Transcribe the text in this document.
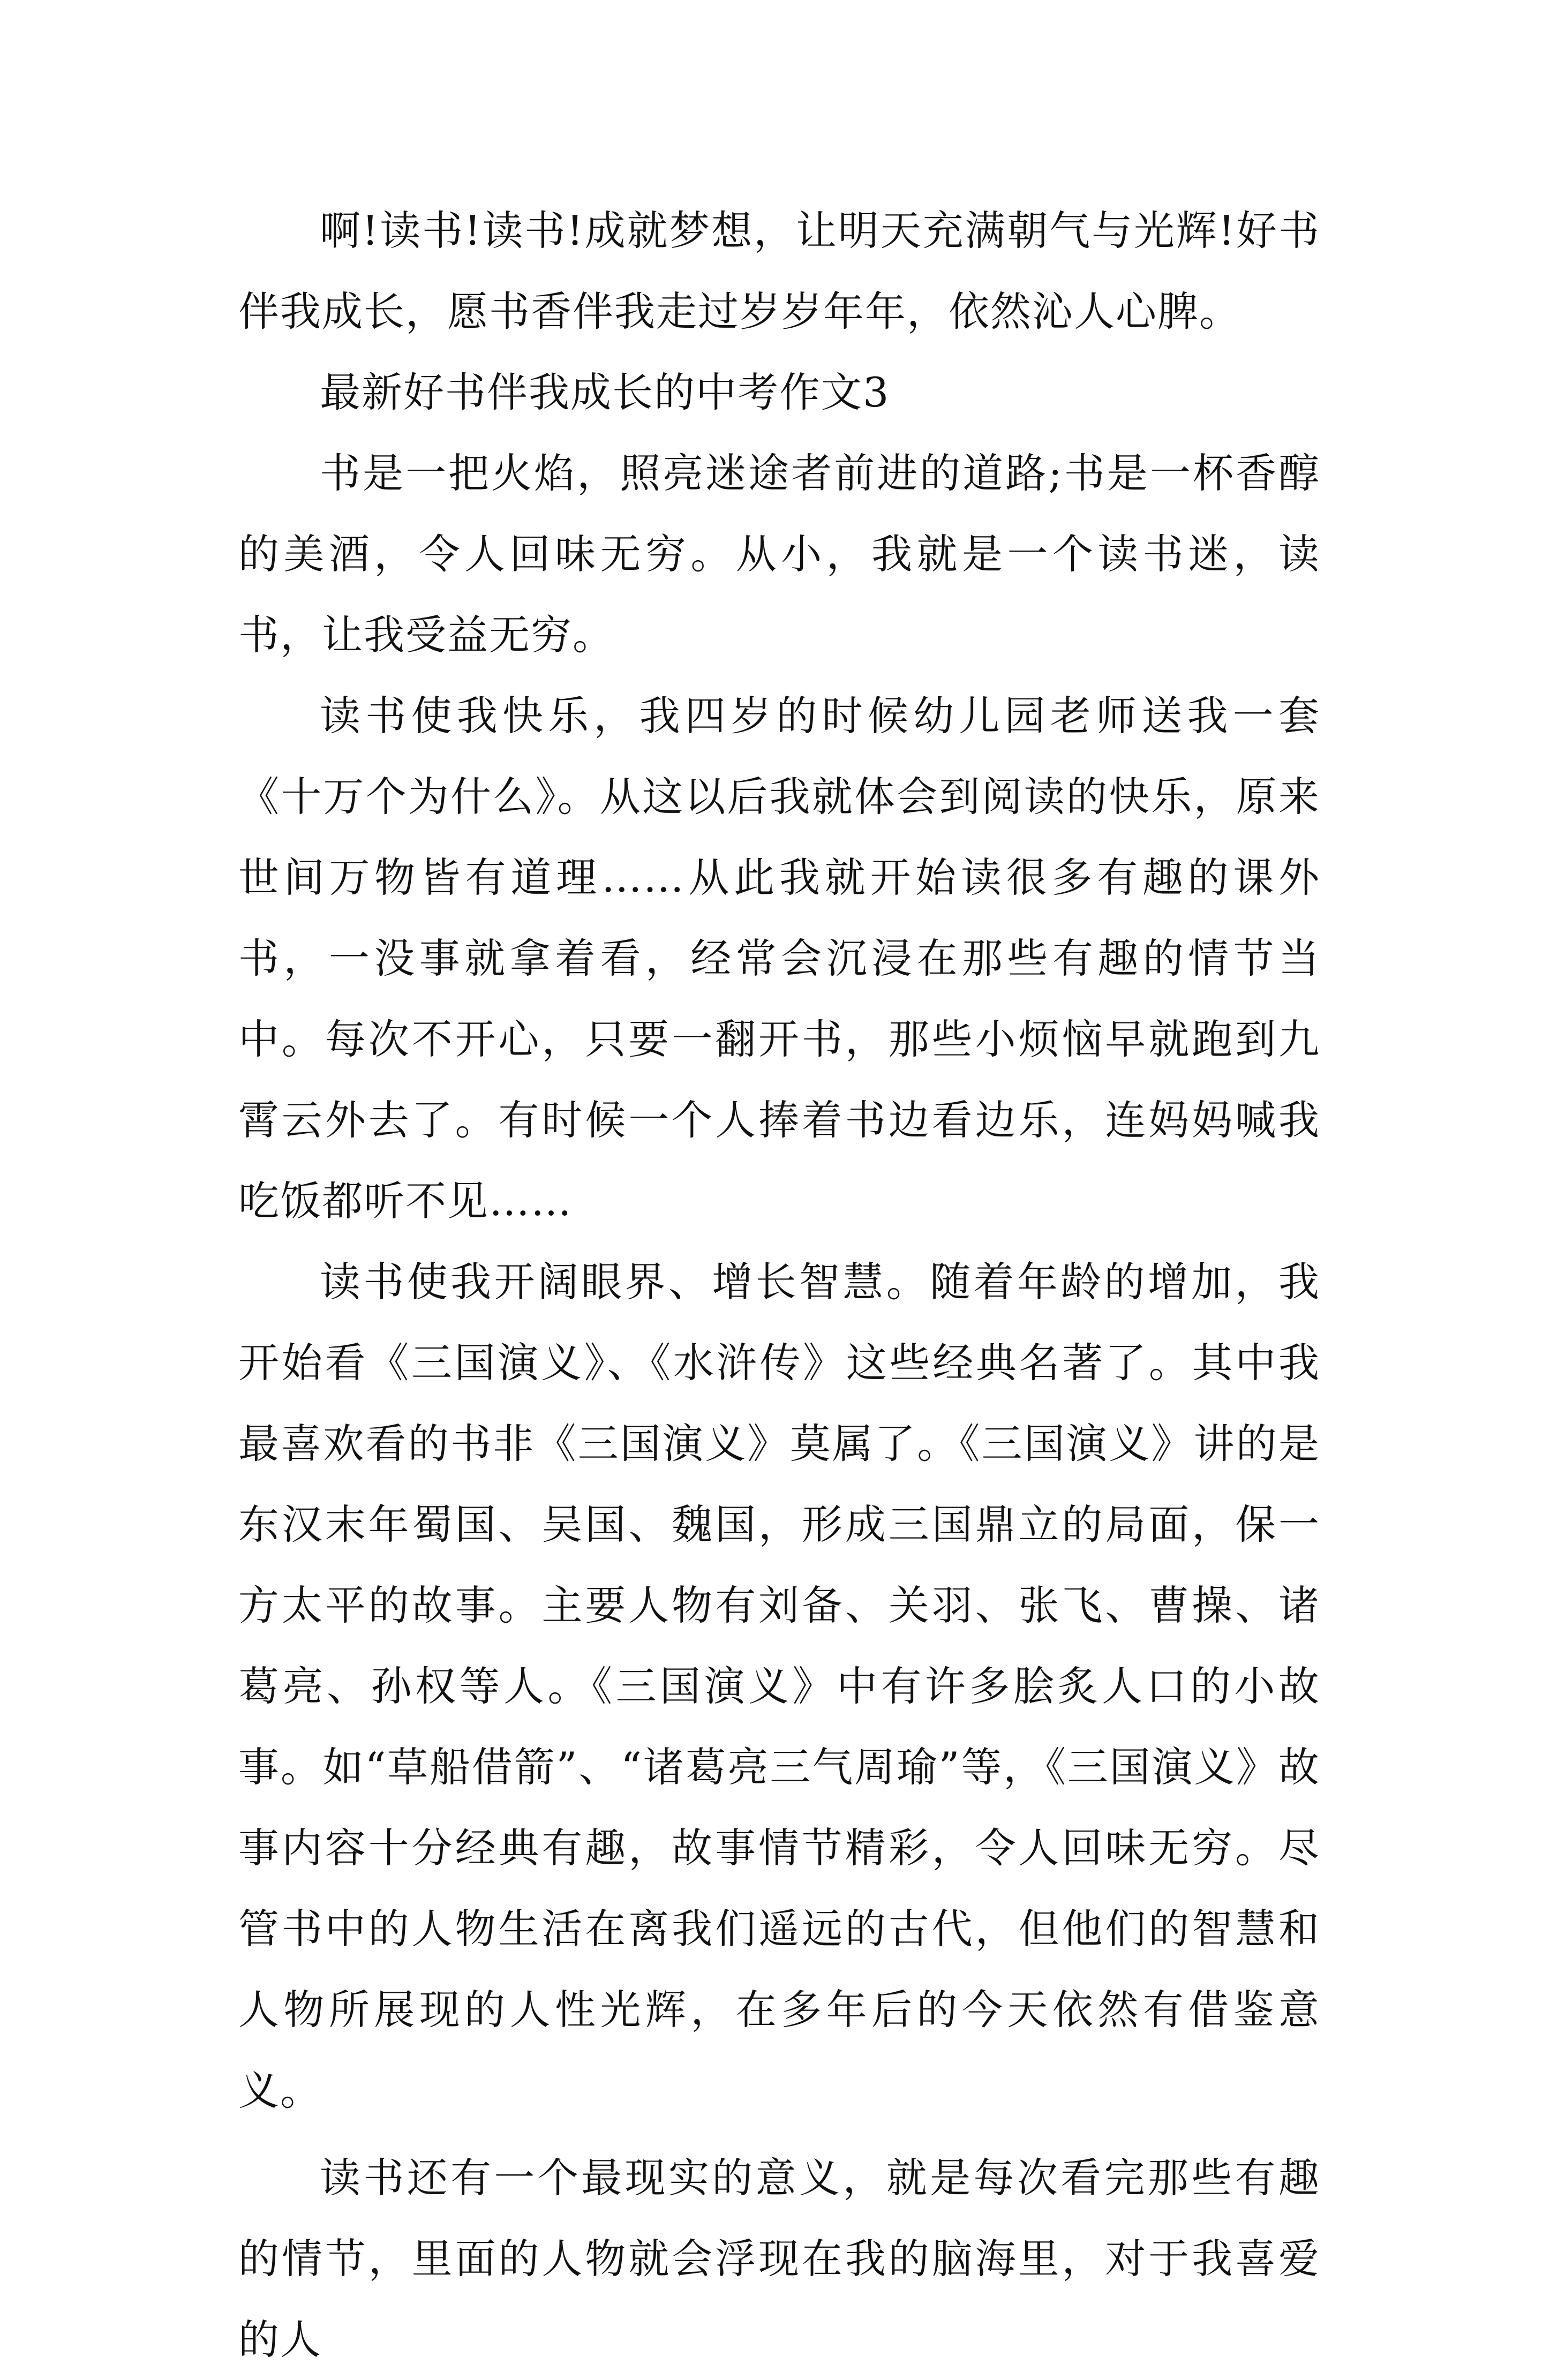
啊!读书!读书!成就梦想，让明天充满朝气与光辉!好书伴我成长，愿书香伴我走过岁岁年年，依然沁人心脾。

最新好书伴我成长的中考作文3

书是一把火焰，照亮迷途者前进的道路;书是一杯香醇的美酒，令人回味无穷。从小，我就是一个读书迷，读书，让我受益无穷。

读书使我快乐，我四岁的时候幼儿园老师送我一套《十万个为什么》。从这以后我就体会到阅读的快乐，原来世间万物皆有道理……从此我就开始读很多有趣的课外书，一没事就拿着看，经常会沉浸在那些有趣的情节当中。每次不开心，只要一翻开书，那些小烦恼早就跑到九霄云外去了。有时候一个人捧着书边看边乐，连妈妈喊我吃饭都听不见……

读书使我开阔眼界、增长智慧。随着年龄的增加，我开始看《三国演义》、《水浒传》这些经典名著了。其中我最喜欢看的书非《三国演义》莫属了。《三国演义》讲的是东汉末年蜀国、吴国、魏国，形成三国鼎立的局面，保一方太平的故事。主要人物有刘备、关羽、张飞、曹操、诸葛亮、孙权等人。《三国演义》中有许多脍炙人口的小故事。如“草船借箭”、“诸葛亮三气周瑜”等，《三国演义》故事内容十分经典有趣，故事情节精彩，令人回味无穷。尽管书中的人物生活在离我们遥远的古代，但他们的智慧和人物所展现的人性光辉，在多年后的今天依然有借鉴意义。

读书还有一个最现实的意义，就是每次看完那些有趣的情节，里面的人物就会浮现在我的脑海里，对于我喜爱的人
